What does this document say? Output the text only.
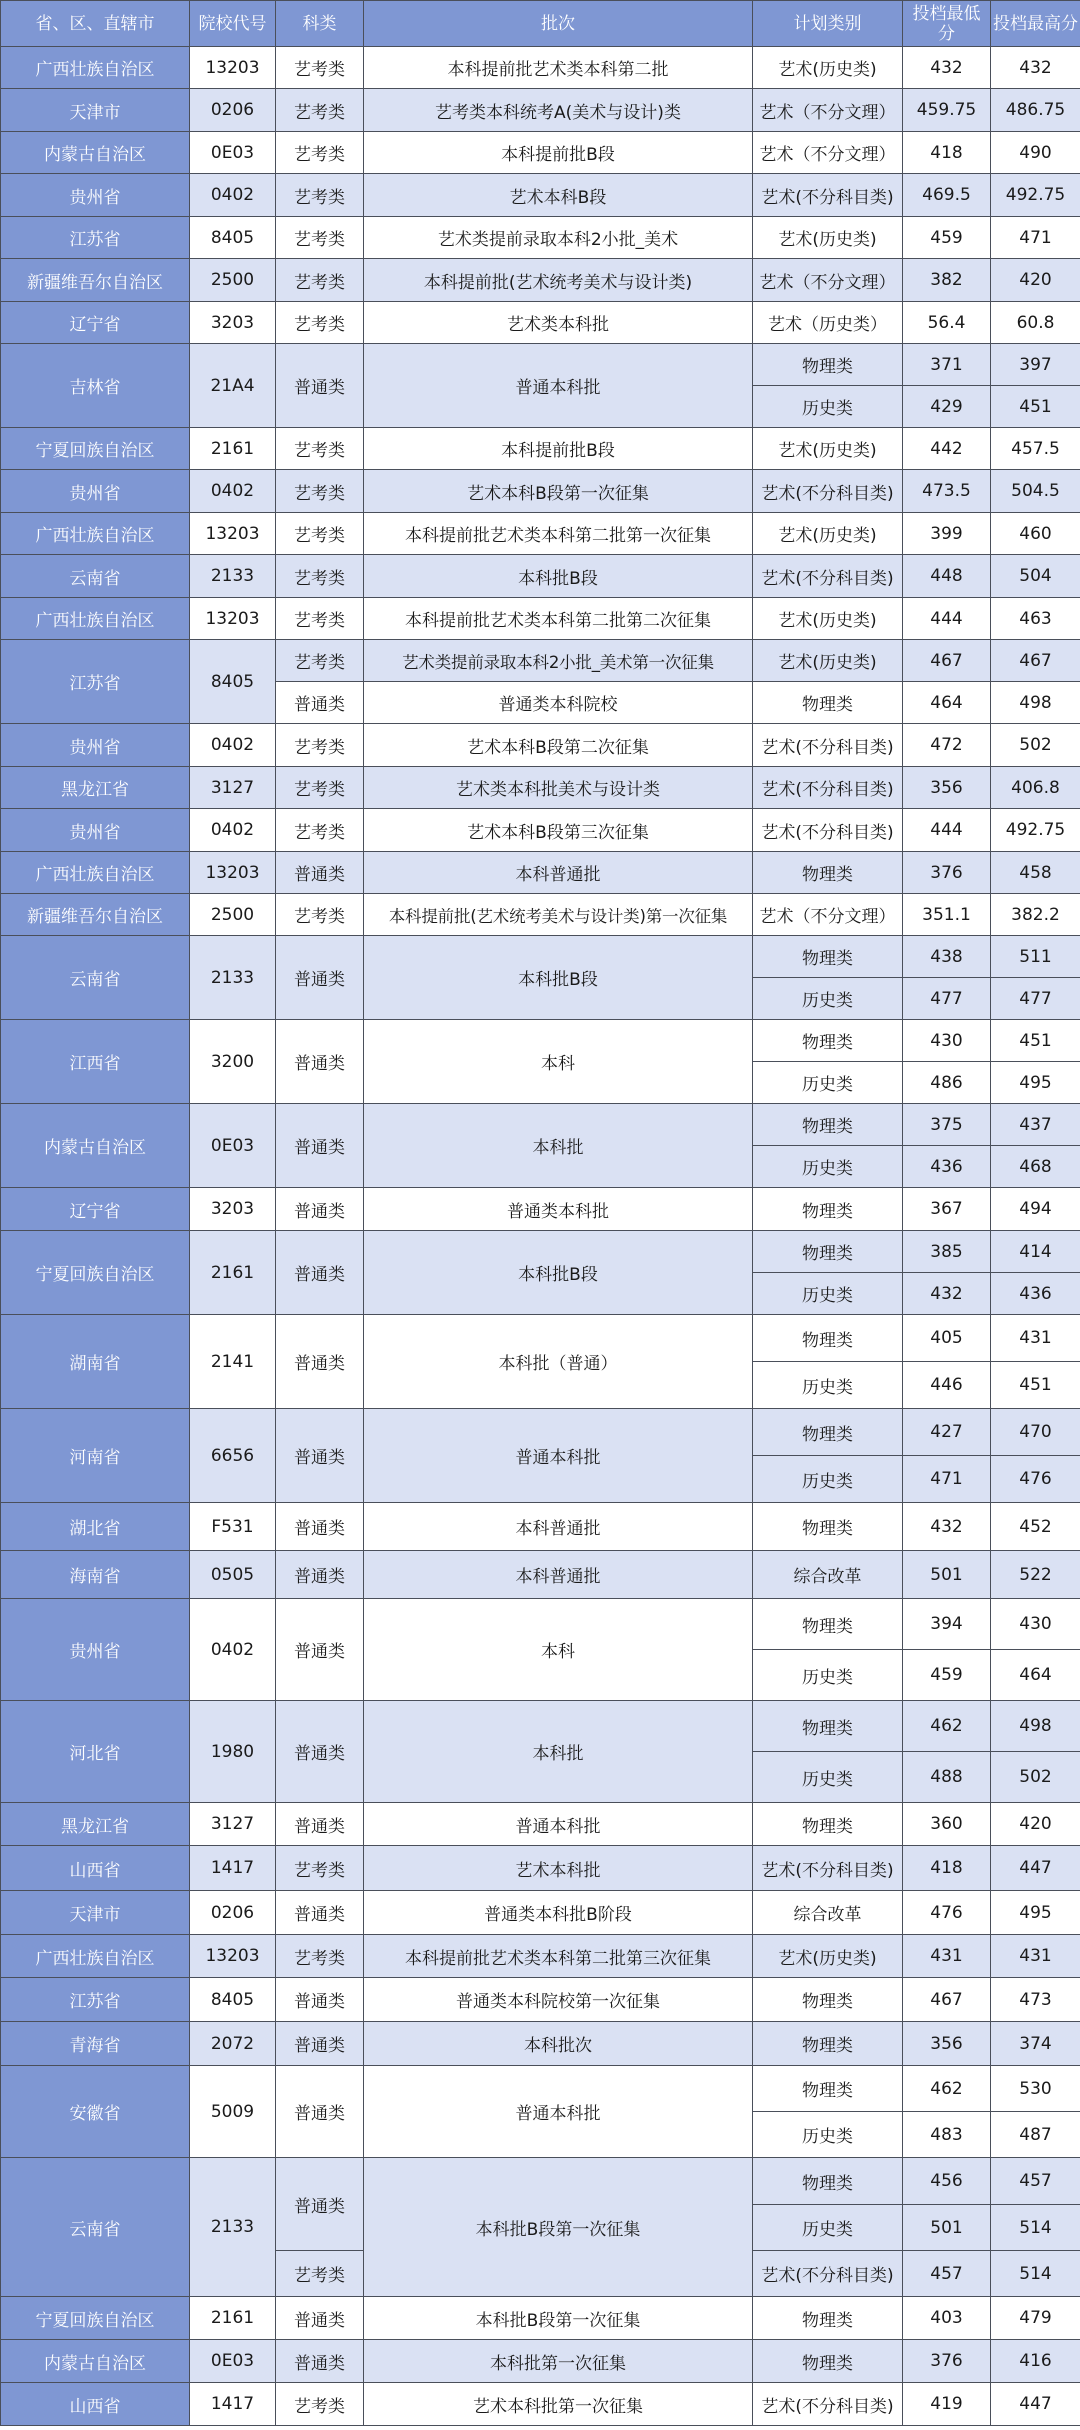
省、区、直辖市	院校代号	科类	批次	计划类别	投档最低分	投档最高分
广西壮族自治区	13203	艺考类	本科提前批艺术类本科第二批	艺术(历史类)	432	432
天津市	0206	艺考类	艺考类本科统考A(美术与设计)类	艺术（不分文理）	459.75	486.75
内蒙古自治区	0E03	艺考类	本科提前批B段	艺术（不分文理）	418	490
贵州省	0402	艺考类	艺术本科B段	艺术(不分科目类)	469.5	492.75
江苏省	8405	艺考类	艺术类提前录取本科2小批_美术	艺术(历史类)	459	471
新疆维吾尔自治区	2500	艺考类	本科提前批(艺术统考美术与设计类)	艺术（不分文理）	382	420
辽宁省	3203	艺考类	艺术类本科批	艺术（历史类）	56.4	60.8
吉林省	21A4	普通类	普通本科批	物理类	371	397
				历史类	429	451
宁夏回族自治区	2161	艺考类	本科提前批B段	艺术(历史类)	442	457.5
贵州省	0402	艺考类	艺术本科B段第一次征集	艺术(不分科目类)	473.5	504.5
广西壮族自治区	13203	艺考类	本科提前批艺术类本科第二批第一次征集	艺术(历史类)	399	460
云南省	2133	艺考类	本科批B段	艺术(不分科目类)	448	504
广西壮族自治区	13203	艺考类	本科提前批艺术类本科第二批第二次征集	艺术(历史类)	444	463
江苏省	8405	艺考类	艺术类提前录取本科2小批_美术第一次征集	艺术(历史类)	467	467
		普通类	普通类本科院校	物理类	464	498
贵州省	0402	艺考类	艺术本科B段第二次征集	艺术(不分科目类)	472	502
黑龙江省	3127	艺考类	艺术类本科批美术与设计类	艺术(不分科目类)	356	406.8
贵州省	0402	艺考类	艺术本科B段第三次征集	艺术(不分科目类)	444	492.75
广西壮族自治区	13203	普通类	本科普通批	物理类	376	458
新疆维吾尔自治区	2500	艺考类	本科提前批(艺术统考美术与设计类)第一次征集	艺术（不分文理）	351.1	382.2
云南省	2133	普通类	本科批B段	物理类	438	511
				历史类	477	477
江西省	3200	普通类	本科	物理类	430	451
				历史类	486	495
内蒙古自治区	0E03	普通类	本科批	物理类	375	437
				历史类	436	468
辽宁省	3203	普通类	普通类本科批	物理类	367	494
宁夏回族自治区	2161	普通类	本科批B段	物理类	385	414
				历史类	432	436
湖南省	2141	普通类	本科批（普通）	物理类	405	431
				历史类	446	451
河南省	6656	普通类	普通本科批	物理类	427	470
				历史类	471	476
湖北省	F531	普通类	本科普通批	物理类	432	452
海南省	0505	普通类	本科普通批	综合改革	501	522
贵州省	0402	普通类	本科	物理类	394	430
				历史类	459	464
河北省	1980	普通类	本科批	物理类	462	498
				历史类	488	502
黑龙江省	3127	普通类	普通本科批	物理类	360	420
山西省	1417	艺考类	艺术本科批	艺术(不分科目类)	418	447
天津市	0206	普通类	普通类本科批B阶段	综合改革	476	495
广西壮族自治区	13203	艺考类	本科提前批艺术类本科第二批第三次征集	艺术(历史类)	431	431
江苏省	8405	普通类	普通类本科院校第一次征集	物理类	467	473
青海省	2072	普通类	本科批次	物理类	356	374
安徽省	5009	普通类	普通本科批	物理类	462	530
				历史类	483	487
云南省	2133	普通类	本科批B段第一次征集	物理类	456	457
				历史类	501	514
		艺考类		艺术(不分科目类)	457	514
宁夏回族自治区	2161	普通类	本科批B段第一次征集	物理类	403	479
内蒙古自治区	0E03	普通类	本科批第一次征集	物理类	376	416
山西省	1417	艺考类	艺术本科批第一次征集	艺术(不分科目类)	419	447
